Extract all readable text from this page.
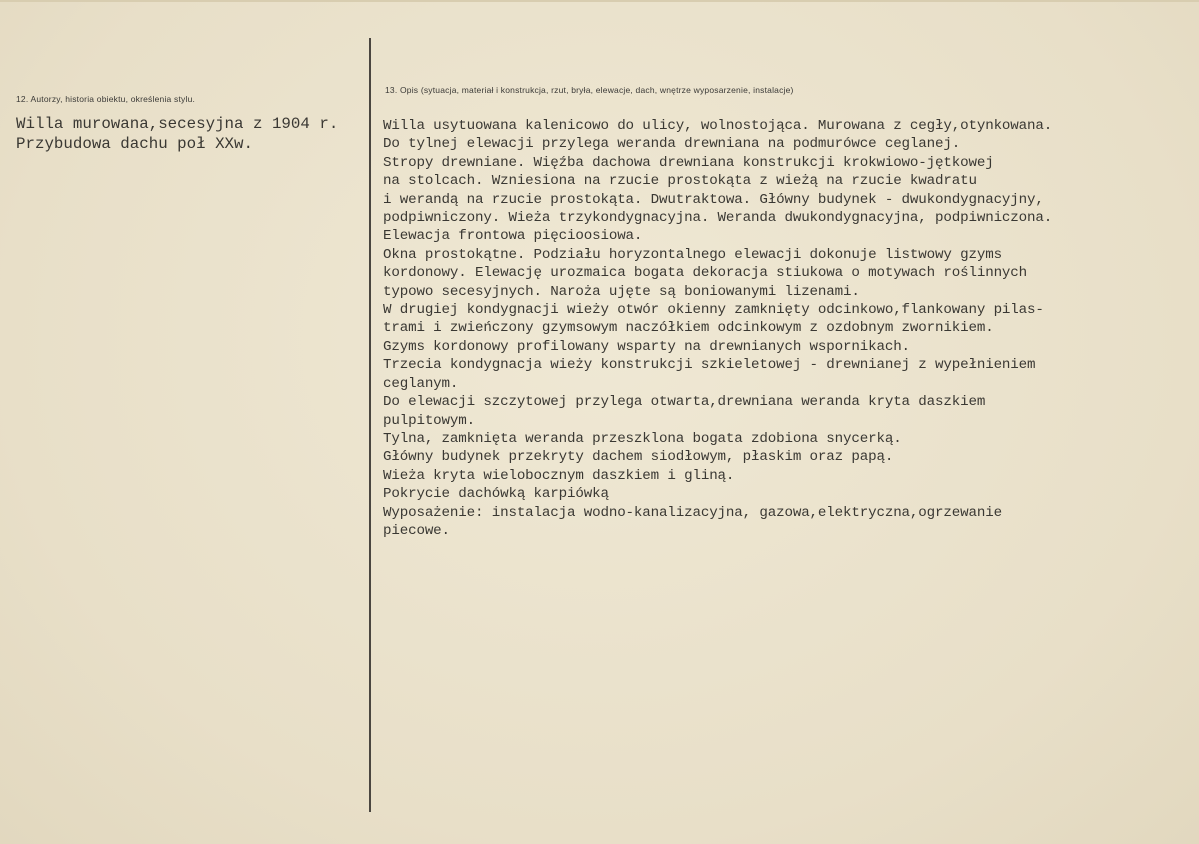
12. Autorzy, historia obiektu, określenia stylu.
Willa murowana,secesyjna z 1904 r.
Przybudowa dachu poł XXw.
13. Opis (sytuacja, materiał i konstrukcja, rzut, bryła, elewacje, dach, wnętrze wyposarzenie, instalacje)
Willa usytuowana kalenicowo do ulicy, wolnostojąca. Murowana z cegły,otynkowana.
Do tylnej elewacji przylega weranda drewniana na podmurówce ceglanej.
Stropy drewniane. Więźba dachowa drewniana konstrukcji krokwiowo-jętkowej
na stolcach. Wzniesiona na rzucie prostokąta z wieżą na rzucie kwadratu
i werandą na rzucie prostokąta. Dwutraktowa. Główny budynek - dwukondygnacyjny,
podpiwniczony. Wieża trzykondygnacyjna. Weranda dwukondygnacyjna, podpiwniczona.
Elewacja frontowa pięcioosiowa.
Okna prostokątne. Podziału horyzontalnego elewacji dokonuje listwowy gzyms
kordonowy. Elewację urozmaica bogata dekoracja stiukowa o motywach roślinnych
typowo secesyjnych. Naroża ujęte są boniowanymi lizenami.
W drugiej kondygnacji wieży otwór okienny zamknięty odcinkowo,flankowany pilas-
trami i zwieńczony gzymsowym naczółkiem odcinkowym z ozdobnym zwornikiem.
Gzyms kordonowy profilowany wsparty na drewnianych wspornikach.
Trzecia kondygnacja wieży konstrukcji szkieletowej - drewnianej z wypełnieniem
ceglanym.
Do elewacji szczytowej przylega otwarta,drewniana weranda kryta daszkiem
pulpitowym.
Tylna, zamknięta weranda przeszklona bogata zdobiona snycerką.
Główny budynek przekryty dachem siodłowym, płaskim oraz papą.
Wieża kryta wielobocznym daszkiem i gliną.
Pokrycie dachówką karpiówką
Wyposażenie: instalacja wodno-kanalizacyjna, gazowa,elektryczna,ogrzewanie
piecowe.
